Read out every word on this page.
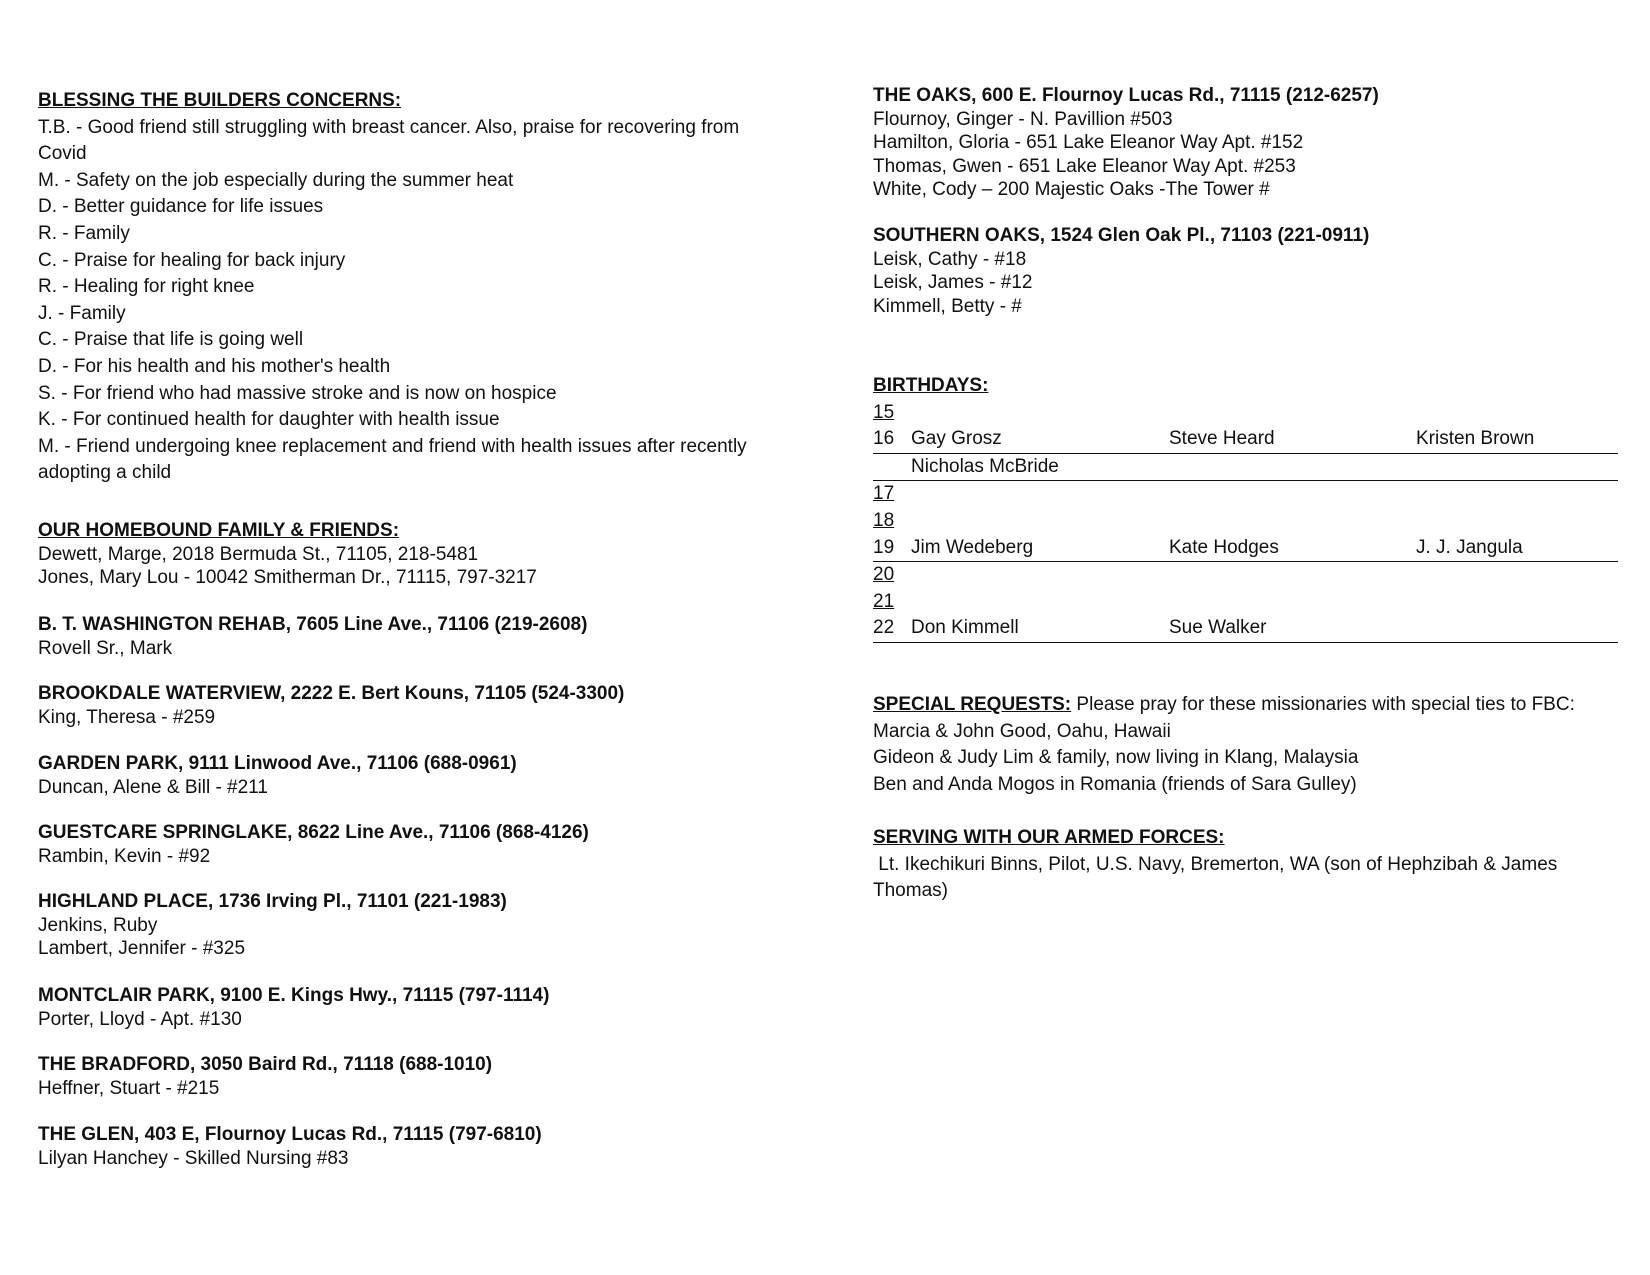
BLESSING THE BUILDERS CONCERNS:
T.B. - Good friend still struggling with breast cancer. Also, praise for recovering from Covid
M. - Safety on the job especially during the summer heat
D. - Better guidance for life issues
R. - Family
C. - Praise for healing for back injury
R. - Healing for right knee
J. - Family
C. - Praise that life is going well
D. - For his health and his mother's health
S. - For friend who had massive stroke and is now on hospice
K. - For continued health for daughter with health issue
M. - Friend undergoing knee replacement and friend with health issues after recently adopting a child
OUR HOMEBOUND FAMILY & FRIENDS:
Dewett, Marge, 2018 Bermuda St., 71105, 218-5481
Jones, Mary Lou - 10042 Smitherman Dr., 71115, 797-3217
B. T. WASHINGTON REHAB, 7605 Line Ave., 71106 (219-2608)
Rovell Sr., Mark
BROOKDALE WATERVIEW, 2222 E. Bert Kouns, 71105 (524-3300)
King, Theresa - #259
GARDEN PARK, 9111 Linwood Ave., 71106 (688-0961)
Duncan, Alene & Bill - #211
GUESTCARE SPRINGLAKE, 8622 Line Ave., 71106 (868-4126)
Rambin, Kevin - #92
HIGHLAND PLACE, 1736 Irving Pl., 71101 (221-1983)
Jenkins, Ruby
Lambert, Jennifer - #325
MONTCLAIR PARK, 9100 E. Kings Hwy., 71115 (797-1114)
Porter, Lloyd - Apt. #130
THE BRADFORD, 3050 Baird Rd., 71118 (688-1010)
Heffner, Stuart - #215
THE GLEN, 403 E, Flournoy Lucas Rd., 71115 (797-6810)
Lilyan Hanchey - Skilled Nursing #83
THE OAKS, 600 E. Flournoy Lucas Rd., 71115 (212-6257)
Flournoy, Ginger - N. Pavillion #503
Hamilton, Gloria - 651 Lake Eleanor Way Apt. #152
Thomas, Gwen - 651 Lake Eleanor Way Apt. #253
White, Cody – 200 Majestic Oaks -The Tower #
SOUTHERN OAKS, 1524 Glen Oak Pl., 71103 (221-0911)
Leisk, Cathy - #18
Leisk, James - #12
Kimmell, Betty - #
BIRTHDAYS:
15
16 Gay Grosz	Steve Heard	Kristen Brown
Nicholas McBride
17
18
19 Jim Wedeberg	Kate Hodges	J. J. Jangula
20
21
22 Don Kimmell	Sue Walker
SPECIAL REQUESTS: Please pray for these missionaries with special ties to FBC:
Marcia & John Good, Oahu, Hawaii
Gideon & Judy Lim & family, now living in Klang, Malaysia
Ben and Anda Mogos in Romania (friends of Sara Gulley)
SERVING WITH OUR ARMED FORCES:
Lt. Ikechikuri Binns, Pilot, U.S. Navy, Bremerton, WA (son of Hephzibah & James Thomas)
